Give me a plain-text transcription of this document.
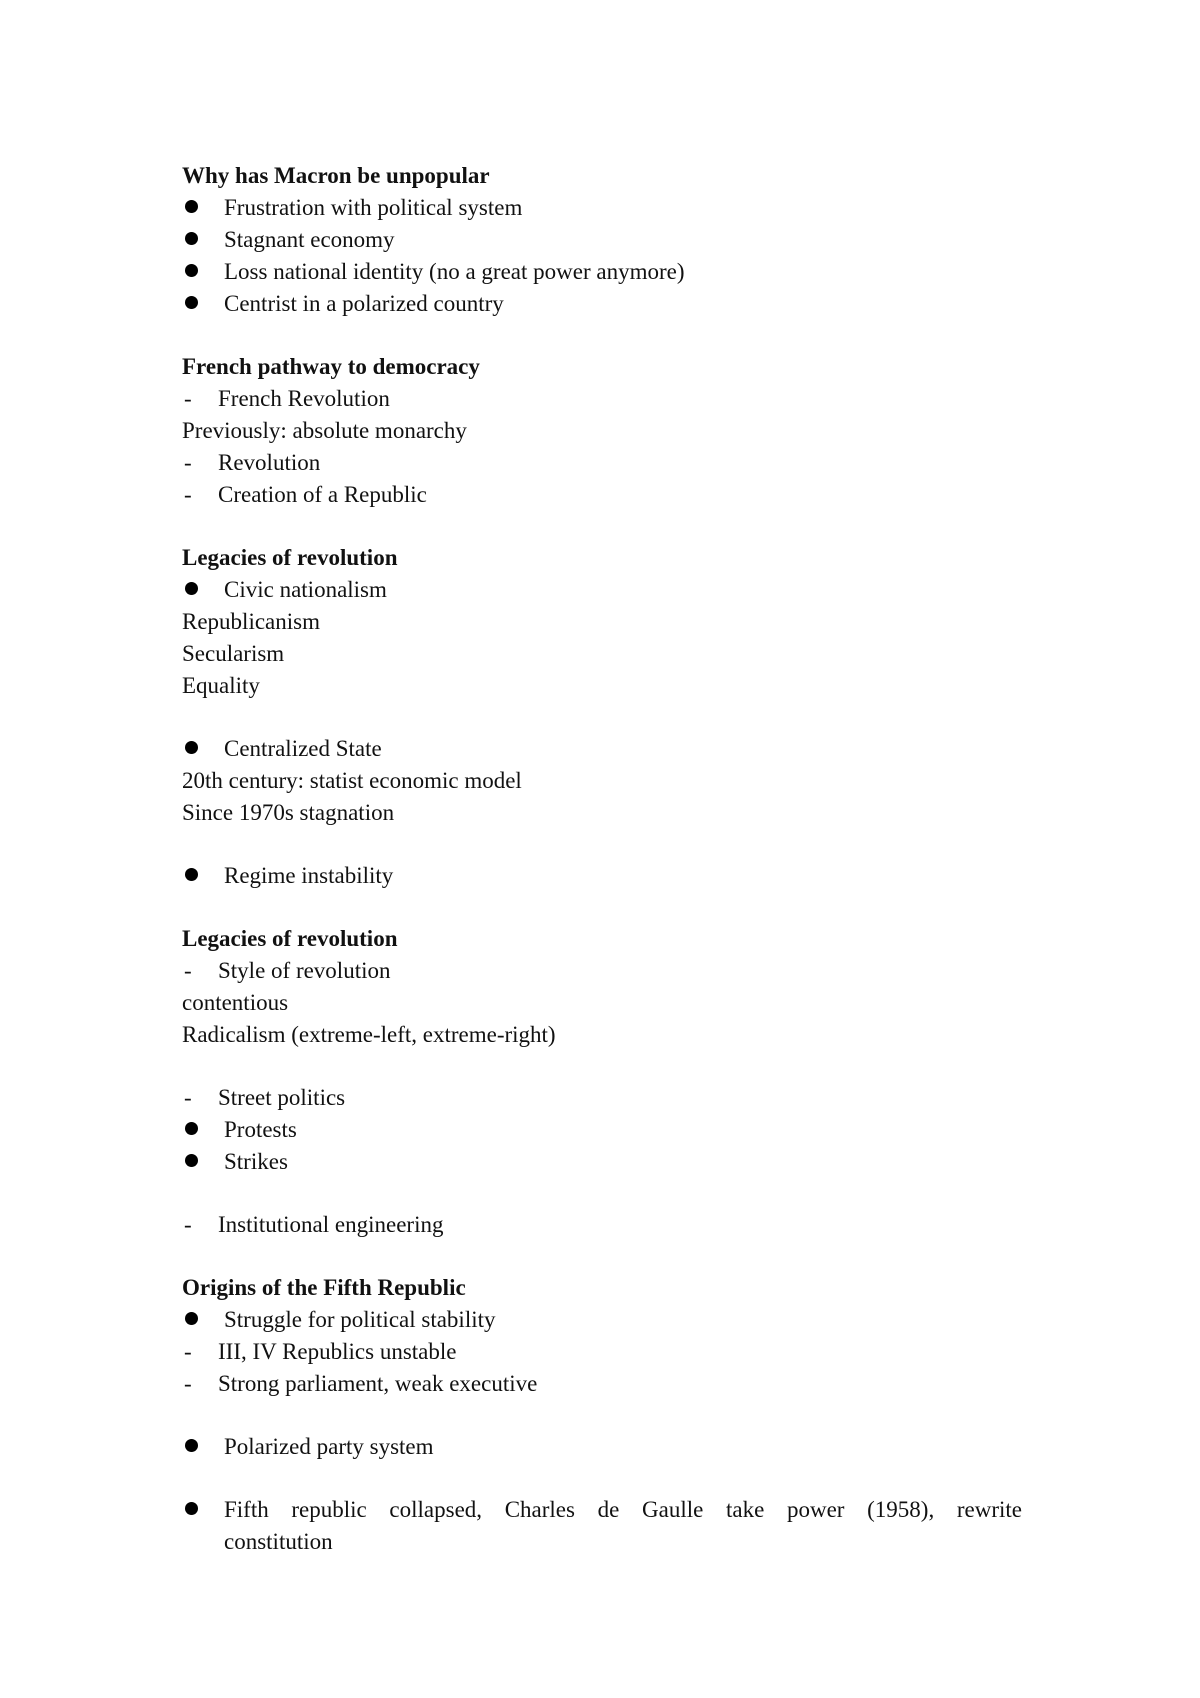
Why has Macron be unpopular
Frustration with political system
Stagnant economy
Loss national identity (no a great power anymore)
Centrist in a polarized country
French pathway to democracy
- French Revolution
Previously: absolute monarchy
- Revolution
- Creation of a Republic
Legacies of revolution
Civic nationalism
Republicanism
Secularism
Equality
Centralized State
20th century: statist economic model
Since 1970s stagnation
Regime instability
Legacies of revolution
- Style of revolution
contentious
Radicalism (extreme-left, extreme-right)
- Street politics
Protests
Strikes
- Institutional engineering
Origins of the Fifth Republic
Struggle for political stability
- III, IV Republics unstable
- Strong parliament, weak executive
Polarized party system
Fifth republic collapsed, Charles de Gaulle take power (1958), rewrite
constitution
